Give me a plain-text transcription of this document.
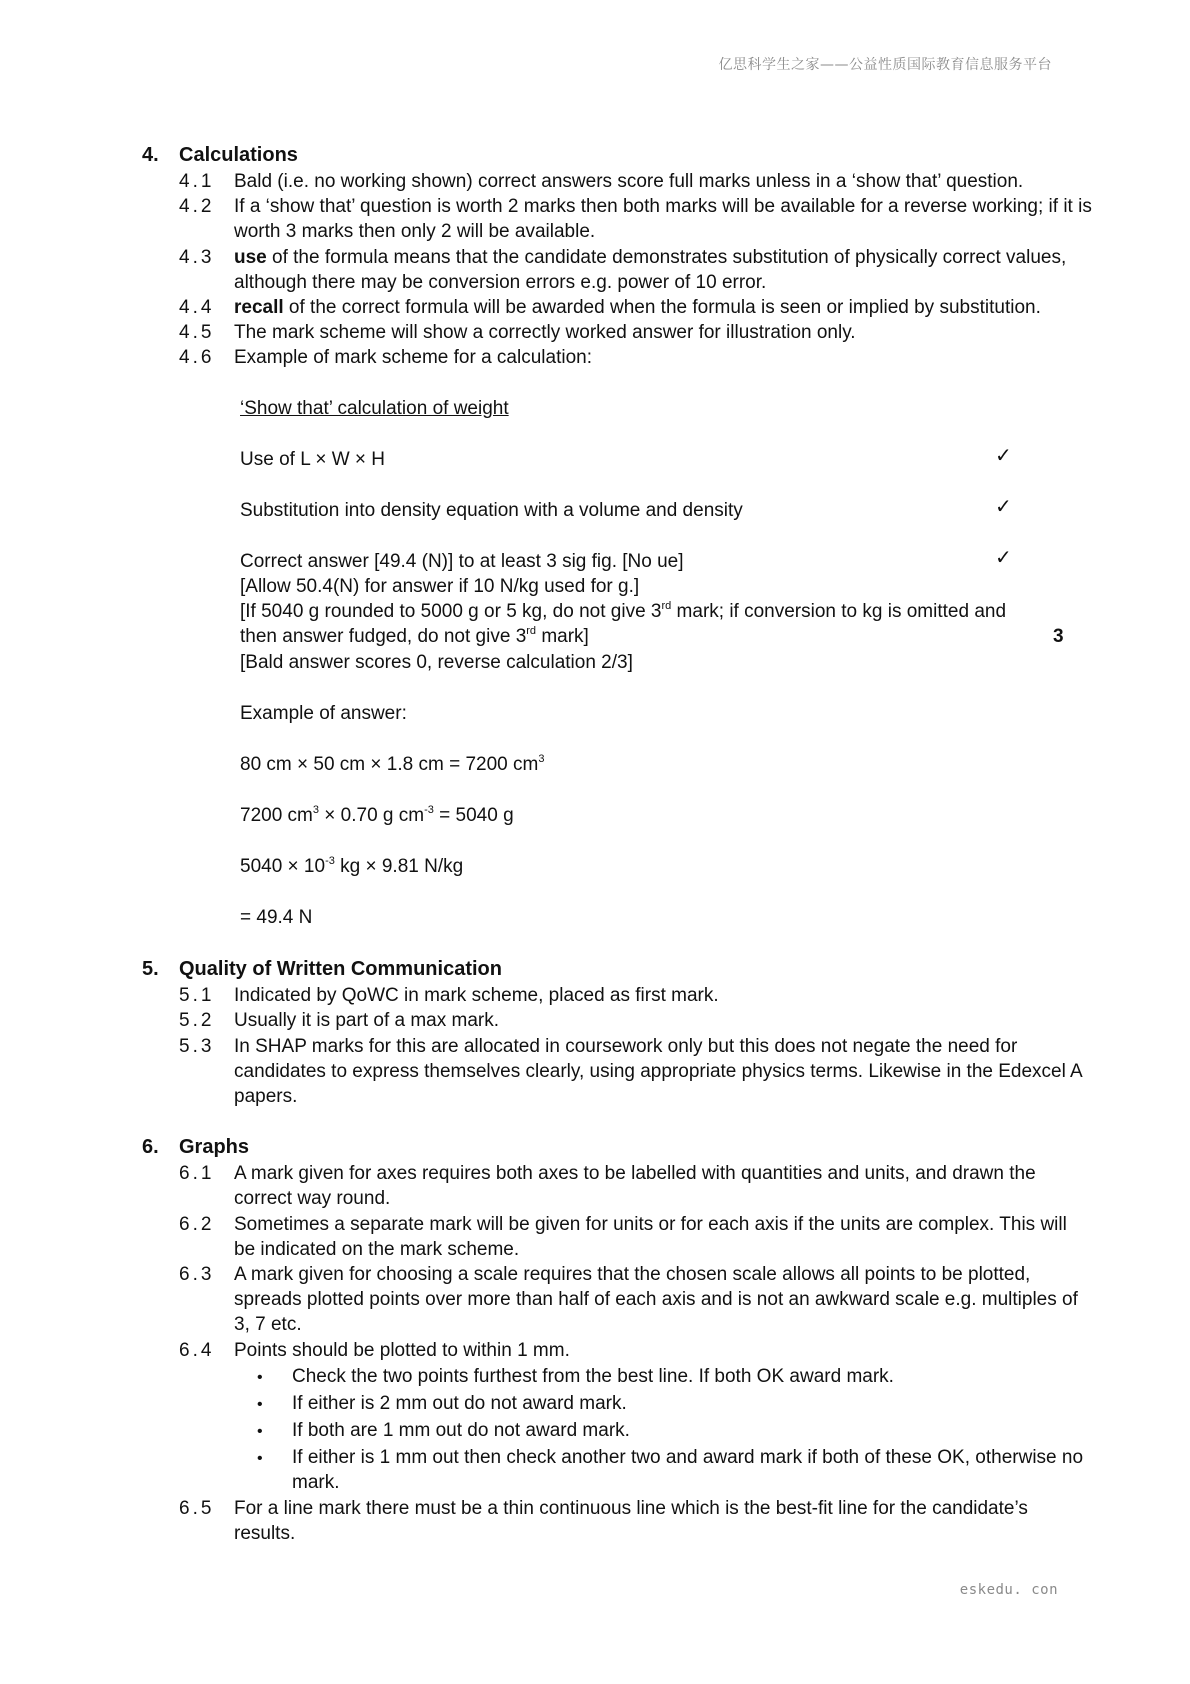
亿思科学生之家——公益性质国际教育信息服务平台
4. Calculations
4.1 Bald (i.e. no working shown) correct answers score full marks unless in a ‘show that’ question.
4.2 If a ‘show that’ question is worth 2 marks then both marks will be available for a reverse working; if it is
worth 3 marks then only 2 will be available.
4.3 use of the formula means that the candidate demonstrates substitution of physically correct values,
although there may be conversion errors e.g. power of 10 error.
4.4 recall of the correct formula will be awarded when the formula is seen or implied by substitution.
4.5 The mark scheme will show a correctly worked answer for illustration only.
4.6 Example of mark scheme for a calculation:
‘Show that’ calculation of weight
Use of L × W × H	✓
Substitution into density equation with a volume and density	✓
Correct answer [49.4 (N)] to at least 3 sig fig. [No ue]	✓
[Allow 50.4(N) for answer if 10 N/kg used for g.]
[If 5040 g rounded to 5000 g or 5 kg, do not give 3rd mark; if conversion to kg is omitted and
then answer fudged, do not give 3rd mark]	3
[Bald answer scores 0, reverse calculation 2/3]
Example of answer:
80 cm × 50 cm × 1.8 cm = 7200 $cm^3$
7200 $cm^3 \times 0.70$ g $cm^{-3} = 5040$ g
$5040 \times 10^{-3}$ kg × 9.81 N/kg
= 49.4 N
5. Quality of Written Communication
5.1 Indicated by QoWC in mark scheme, placed as first mark.
5.2 Usually it is part of a max mark.
5.3 In SHAP marks for this are allocated in coursework only but this does not negate the need for
candidates to express themselves clearly, using appropriate physics terms. Likewise in the Edexcel A
papers.
6. Graphs
6.1 A mark given for axes requires both axes to be labelled with quantities and units, and drawn the
correct way round.
6.2 Sometimes a separate mark will be given for units or for each axis if the units are complex. This will
be indicated on the mark scheme.
6.3 A mark given for choosing a scale requires that the chosen scale allows all points to be plotted,
spreads plotted points over more than half of each axis and is not an awkward scale e.g. multiples of
3, 7 etc.
6.4 Points should be plotted to within 1 mm.
• Check the two points furthest from the best line. If both OK award mark.
• If either is 2 mm out do not award mark.
• If both are 1 mm out do not award mark.
• If either is 1 mm out then check another two and award mark if both of these OK, otherwise no
mark.
6.5 For a line mark there must be a thin continuous line which is the best-fit line for the candidate’s
results.
eskedu. con
